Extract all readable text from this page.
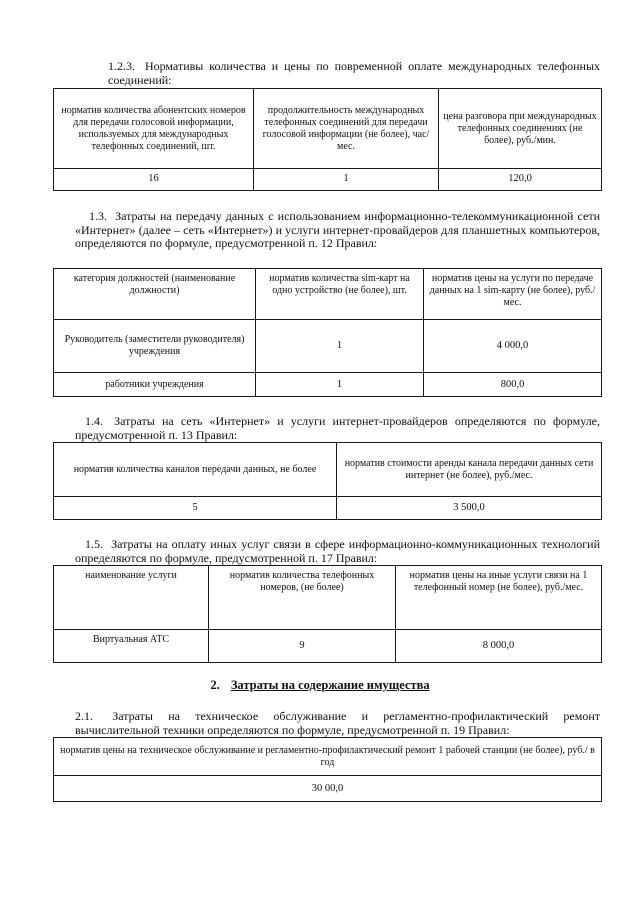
1.2.3. Нормативы количества и цены по повременной оплате международных телефонных соединений:
норматив количества абонентских номеров для передачи голосовой информации, используемых для международных телефонных соединений, шт.	продолжительность международных телефонных соединений для передачи голосовой информации (не более), час/мес.	цена разговора при международных телефонных соединениях (не более), руб./мин.
16	1	120,0
1.3. Затраты на передачу данных с использованием информационно-телекоммуникационной сети «Интернет» (далее – сеть «Интернет») и услуги интернет-провайдеров для планшетных компьютеров, определяются по формуле, предусмотренной п. 12 Правил:
категория должностей (наименование должности)	норматив количества sim-карт на одно устройство (не более), шт.	норматив цены на услуги по передаче данных на 1 sim-карту (не более), руб./ мес.
Руководитель (заместители руководителя) учреждения	1	4 000,0
работники учреждения	1	800,0
1.4. Затраты на сеть «Интернет» и услуги интернет-провайдеров определяются по формуле, предусмотренной п. 13 Правил:
норматив количества каналов передачи данных, не более	норматив стоимости аренды канала передачи данных сети интернет (не более), руб./мес.
5	3 500,0
1.5. Затраты на оплату иных услуг связи в сфере информационно-коммуникационных технологий определяются по формуле, предусмотренной п. 17 Правил:
наименование услуги	норматив количества телефонных номеров, (не более)	норматив цены на иные услуги связи на 1 телефонный номер (не более), руб./мес.
Виртуальная АТС	9	8 000,0
2. Затраты на содержание имущества
2.1. Затраты на техническое обслуживание и регламентно-профилактический ремонт вычислительной техники определяются по формуле, предусмотренной п. 19 Правил:
норматив цены на техническое обслуживание и регламентно-профилактический ремонт 1 рабочей станции (не более), руб./ в год
30 00,0
